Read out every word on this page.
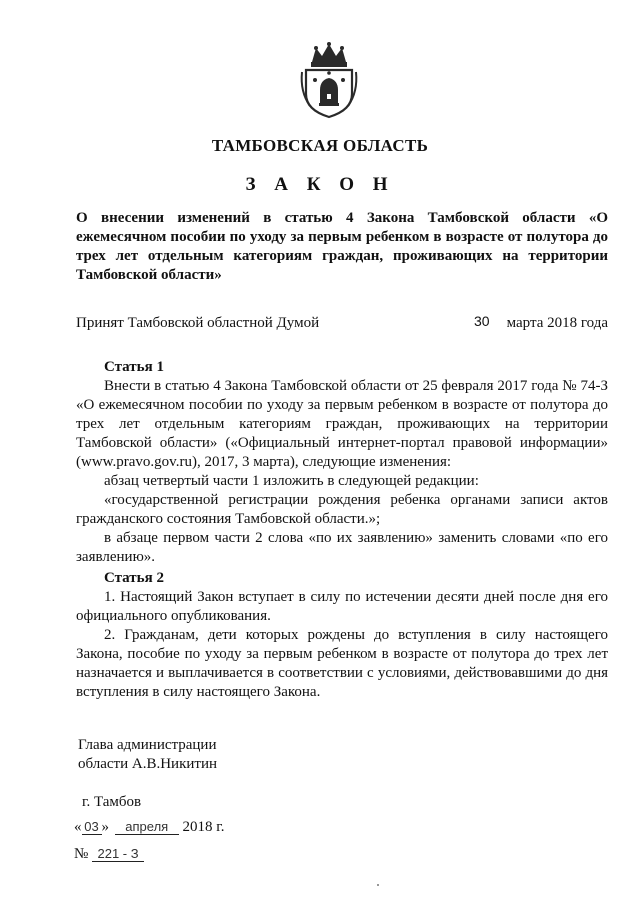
ТАМБОВСКАЯ ОБЛАСТЬ
З А К О Н
О внесении изменений в статью 4 Закона Тамбовской области «О ежемесячном пособии по уходу за первым ребенком в возрасте от полутора до трех лет отдельным категориям граждан, проживающих на территории Тамбовской области»
Принят Тамбовской областной Думой	30 марта 2018 года
Статья 1
Внести в статью 4 Закона Тамбовской области от 25 февраля 2017 года № 74-З «О ежемесячном пособии по уходу за первым ребенком в возрасте от полутора до трех лет отдельным категориям граждан, проживающих на территории Тамбовской области» («Официальный интернет-портал правовой информации» (www.pravo.gov.ru), 2017, 3 марта), следующие изменения:
абзац четвертый части 1 изложить в следующей редакции:
«государственной регистрации рождения ребенка органами записи актов гражданского состояния Тамбовской области.»;
в абзаце первом части 2 слова «по их заявлению» заменить словами «по его заявлению».
Статья 2
1. Настоящий Закон вступает в силу по истечении десяти дней после дня его официального опубликования.
2. Гражданам, дети которых рождены до вступления в силу настоящего Закона, пособие по уходу за первым ребенком в возрасте от полутора до трех лет назначается и выплачивается в соответствии с условиями, действовавшими до дня вступления в силу настоящего Закона.
Глава администрации
области А.В.Никитин
г. Тамбов
« 03 » апреля 2018 г.
№ 221 - З
